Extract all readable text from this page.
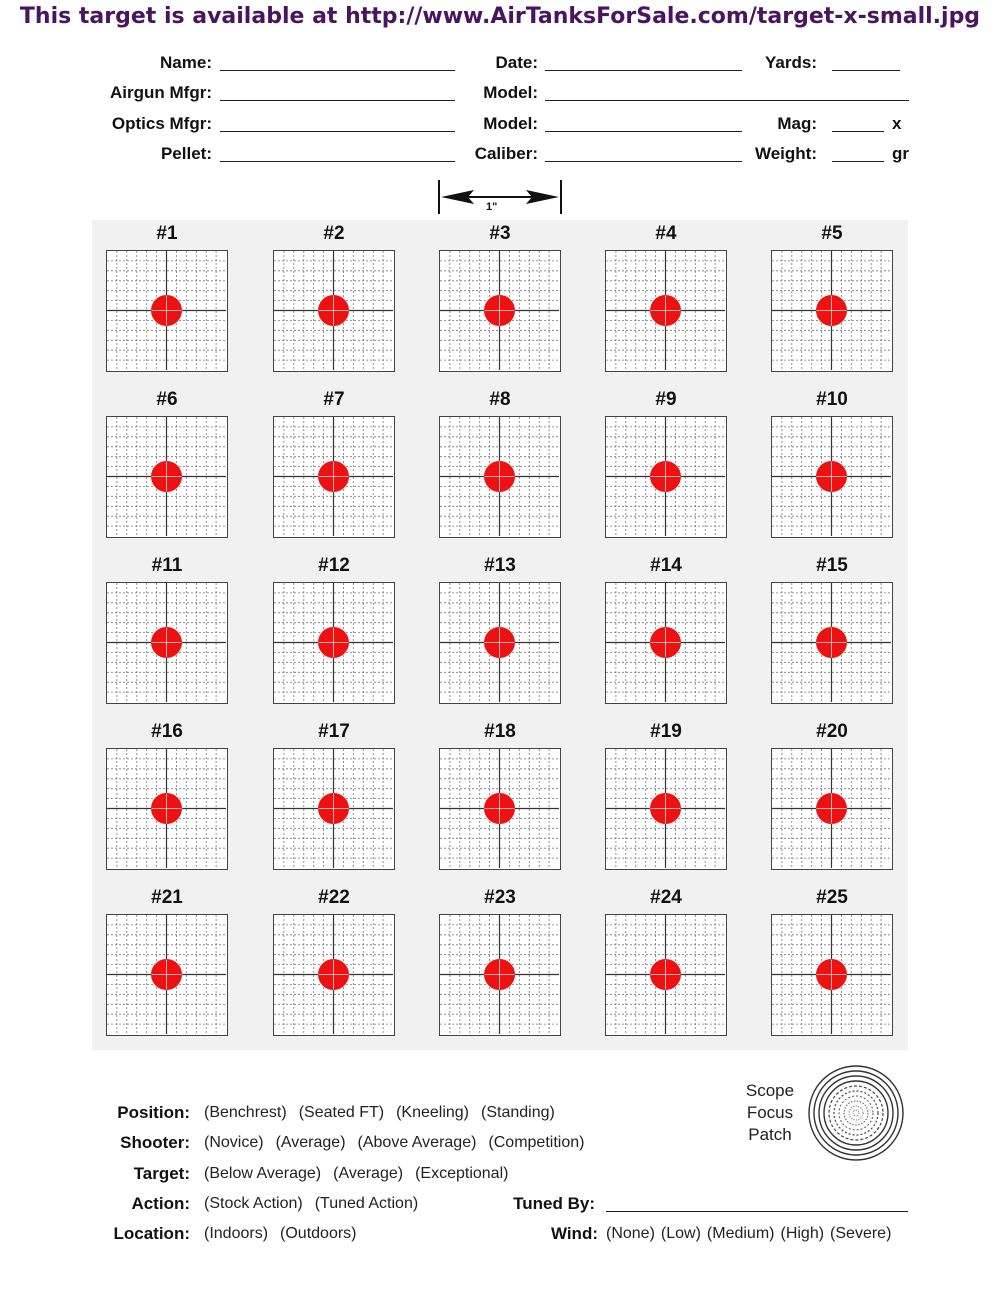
This target is available at http://www.AirTanksForSale.com/target-x-small.jpg
Name:	Date:	Yards:
Airgun Mfgr:	Model:
Optics Mfgr:	Model:	Mag:	x
Pellet:	Caliber:	Weight:	gr
1"
#1	#2	#3	#4	#5
#6	#7	#8	#9	#10
#11	#12	#13	#14	#15
#16	#17	#18	#19	#20
#21	#22	#23	#24	#25
Position: (Benchrest) (Seated FT) (Kneeling) (Standing)
Shooter: (Novice) (Average) (Above Average) (Competition)
Target: (Below Average) (Average) (Exceptional)
Action: (Stock Action) (Tuned Action)	Tuned By:
Location: (Indoors) (Outdoors)	Wind: (None) (Low) (Medium) (High) (Severe)
Scope
Focus
Patch
